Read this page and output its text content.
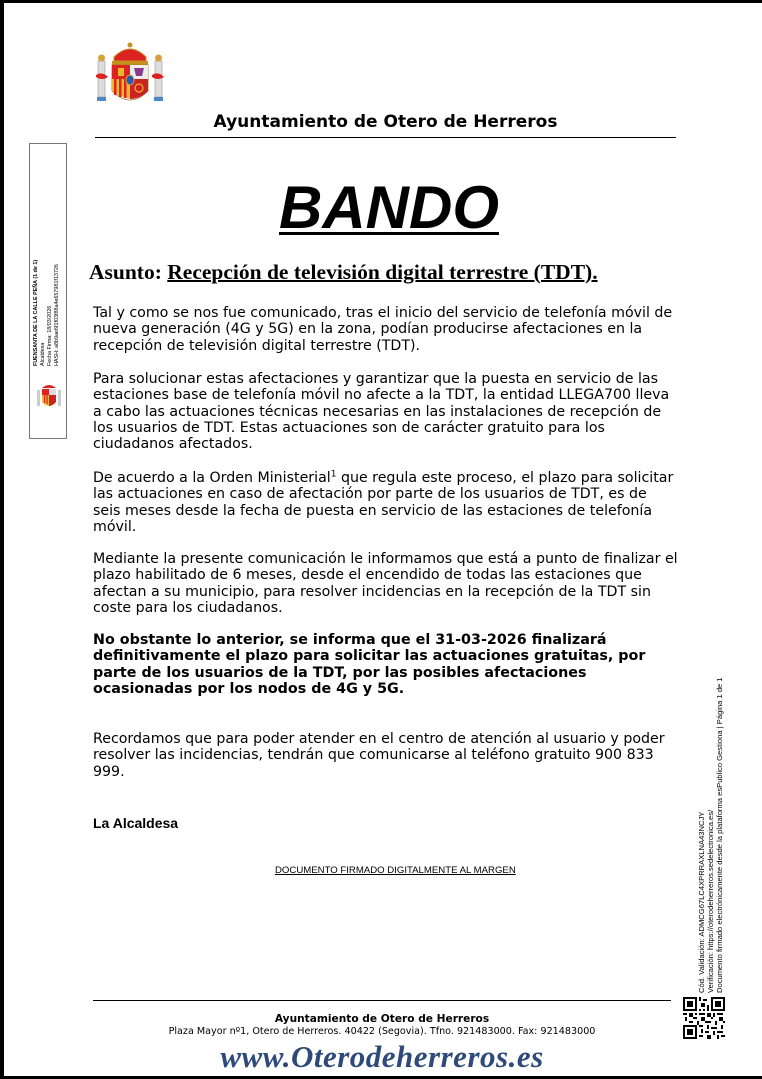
Ayuntamiento de Otero de Herreros
FUENSANTA DE LA CALLE PEÑA (1 de 1) Alcaldesa Fecha Firma: 18/03/2026 HASH: a8b9ae6f1f03f88a4e657981f13726
BANDO
Asunto: Recepción de televisión digital terrestre (TDT).
Tal y como se nos fue comunicado, tras el inicio del servicio de telefonía móvil de nueva generación (4G y 5G) en la zona, podían producirse afectaciones en la recepción de televisión digital terrestre (TDT).
Para solucionar estas afectaciones y garantizar que la puesta en servicio de las estaciones base de telefonía móvil no afecte a la TDT, la entidad LLEGA700 lleva a cabo las actuaciones técnicas necesarias en las instalaciones de recepción de los usuarios de TDT. Estas actuaciones son de carácter gratuito para los ciudadanos afectados.
De acuerdo a la Orden Ministerial$^1$ que regula este proceso, el plazo para solicitar las actuaciones en caso de afectación por parte de los usuarios de TDT, es de seis meses desde la fecha de puesta en servicio de las estaciones de telefonía móvil.
Mediante la presente comunicación le informamos que está a punto de finalizar el plazo habilitado de 6 meses, desde el encendido de todas las estaciones que afectan a su municipio, para resolver incidencias en la recepción de la TDT sin coste para los ciudadanos.
No obstante lo anterior, se informa que el 31-03-2026 finalizará definitivamente el plazo para solicitar las actuaciones gratuitas, por parte de los usuarios de la TDT, por las posibles afectaciones ocasionadas por los nodos de 4G y 5G.
Recordamos que para poder atender en el centro de atención al usuario y poder resolver las incidencias, tendrán que comunicarse al teléfono gratuito 900 833 999.
La Alcaldesa
DOCUMENTO FIRMADO DIGITALMENTE AL MARGEN	Cód. Validación: ADMCG67LC4XPRRAXLNA43NCJY Verificación: https://oterodeherreros.sedelectronica.es/ Documento firmado electrónicamente desde la plataforma esPublico Gestiona | Página 1 de 1
Ayuntamiento de Otero de Herreros
Plaza Mayor nº1, Otero de Herreros. 40422 (Segovia). Tfno. 921483000. Fax: 921483000
www.Oterodeherreros.es
